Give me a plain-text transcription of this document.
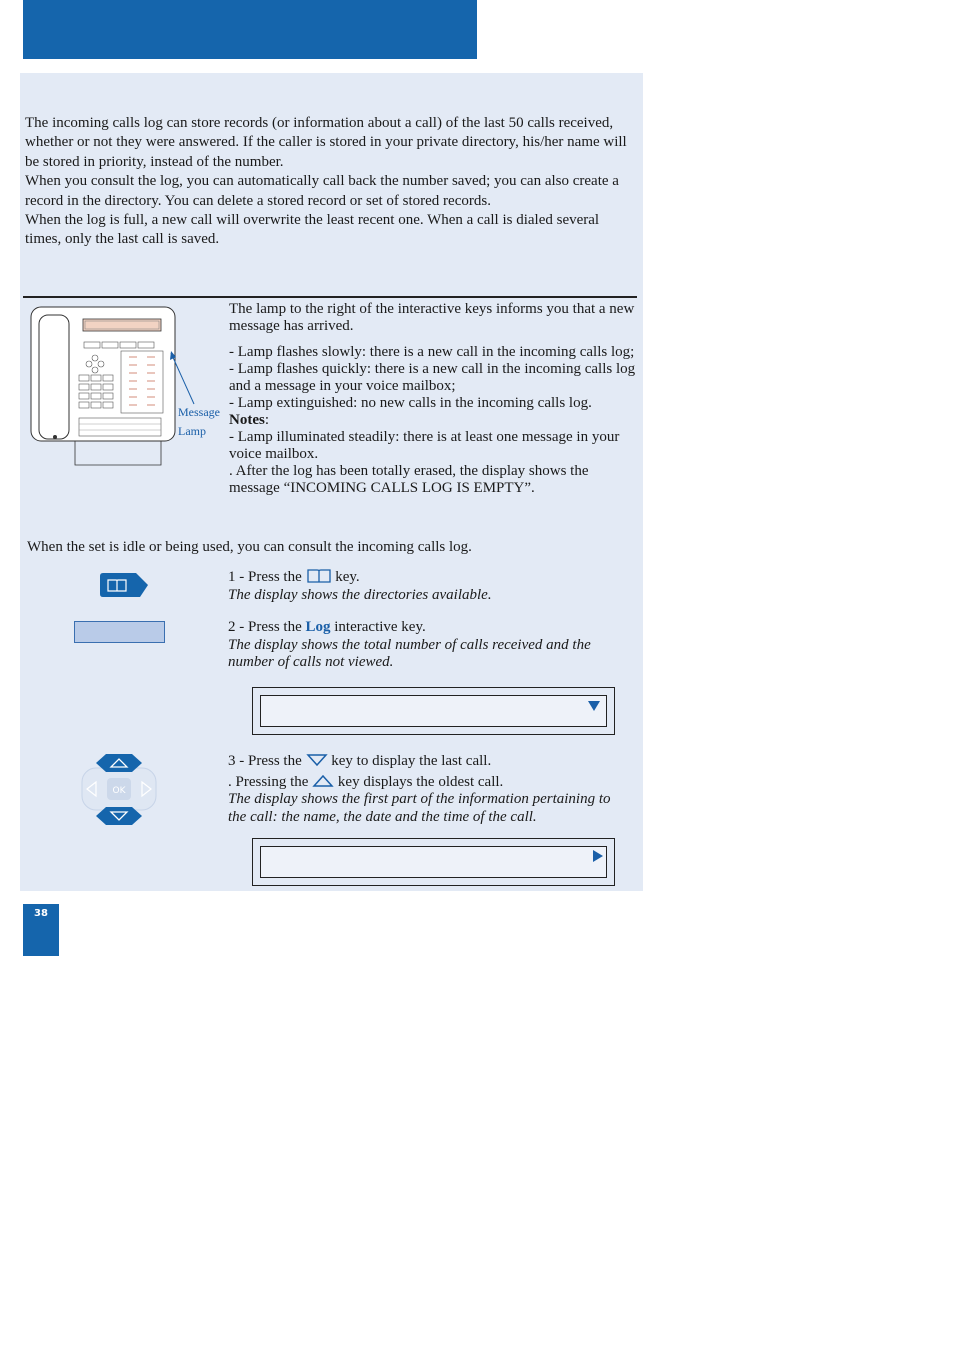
The incoming calls log can store records (or information about a call) of the last 50 calls received, whether or not they were answered. If the caller is stored in your private directory, his/her name will be stored in priority, instead of the number.

When you consult the log, you can automatically call back the number saved; you can also create a record in the directory. You can delete a stored record or set of stored records.

When the log is full, a new call will overwrite the least recent one. When a call is dialed several times, only the last call is saved.

Message
Lamp

The lamp to the right of the interactive keys informs you that a new message has arrived.

- Lamp flashes slowly: there is a new call in the incoming calls log;

- Lamp flashes quickly: there is a new call in the incoming calls log and a message in your voice mailbox;

- Lamp extinguished: no new calls in the incoming calls log.

Notes:

- Lamp illuminated steadily: there is at least one message in your voice mailbox.

. After the log has been totally erased, the display shows the message “INCOMING CALLS LOG IS EMPTY”.

When the set is idle or being used, you can consult the incoming calls log.

1 - Press the key.

The display shows the directories available.

2 - Press the Log interactive key.

The display shows the total number of calls received and the number of calls not viewed.

OK

3 - Press the key to display the last call.

. Pressing the key displays the oldest call.

The display shows the first part of the information pertaining to the call: the name, the date and the time of the call.

38
